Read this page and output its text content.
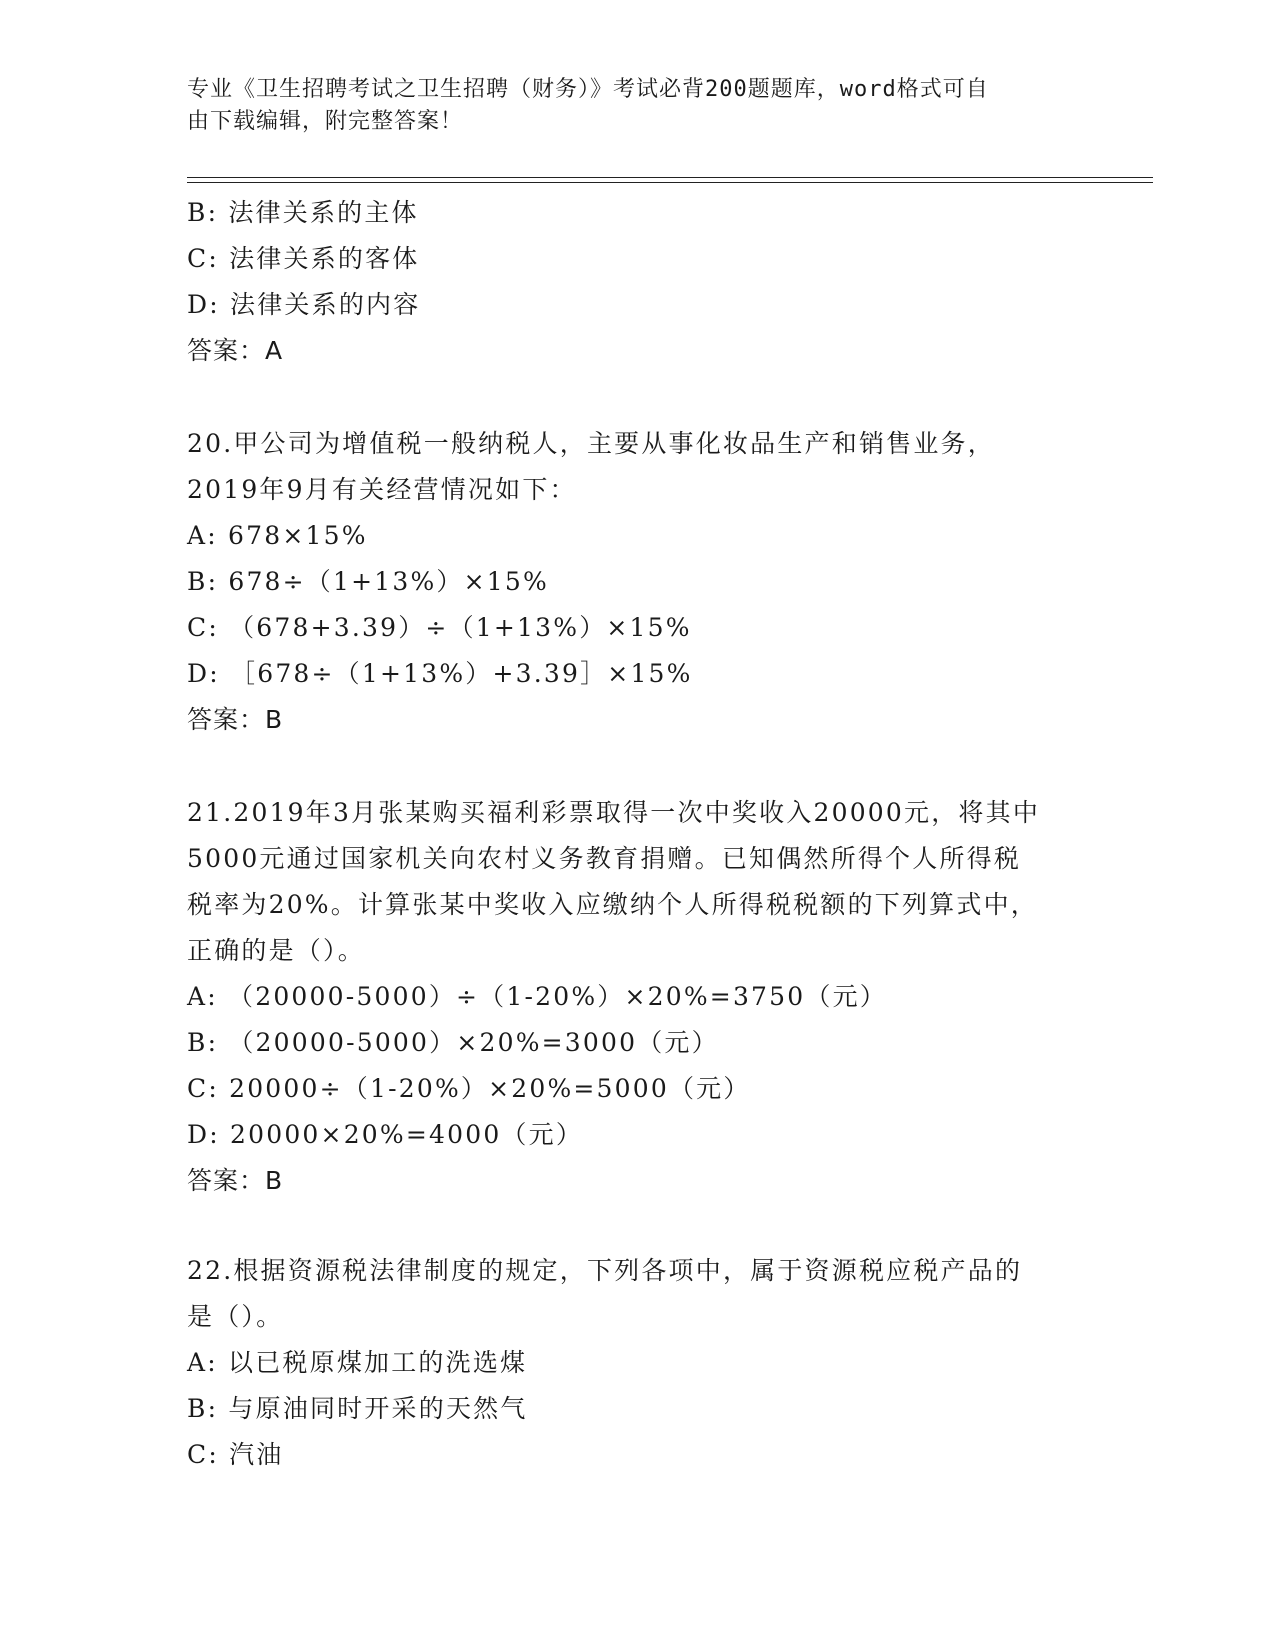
专业《卫生招聘考试之卫生招聘（财务）》考试必背200题题库，word格式可自
由下载编辑，附完整答案！
B: 法律关系的主体
C: 法律关系的客体
D: 法律关系的内容
答案：A
20.甲公司为增值税一般纳税人，主要从事化妆品生产和销售业务，
2019年9月有关经营情况如下：
A: 678×15%
B: 678÷（1+13%）×15%
C: （678+3.39）÷（1+13%）×15%
D: ［678÷（1+13%）+3.39］×15%
答案：B
21.2019年3月张某购买福利彩票取得一次中奖收入20000元，将其中
5000元通过国家机关向农村义务教育捐赠。已知偶然所得个人所得税
税率为20%。计算张某中奖收入应缴纳个人所得税税额的下列算式中，
正确的是（）。
A: （20000-5000）÷（1-20%）×20%=3750（元）
B: （20000-5000）×20%=3000（元）
C: 20000÷（1-20%）×20%=5000（元）
D: 20000×20%=4000（元）
答案：B
22.根据资源税法律制度的规定，下列各项中，属于资源税应税产品的
是（）。
A: 以已税原煤加工的洗选煤
B: 与原油同时开采的天然气
C: 汽油
